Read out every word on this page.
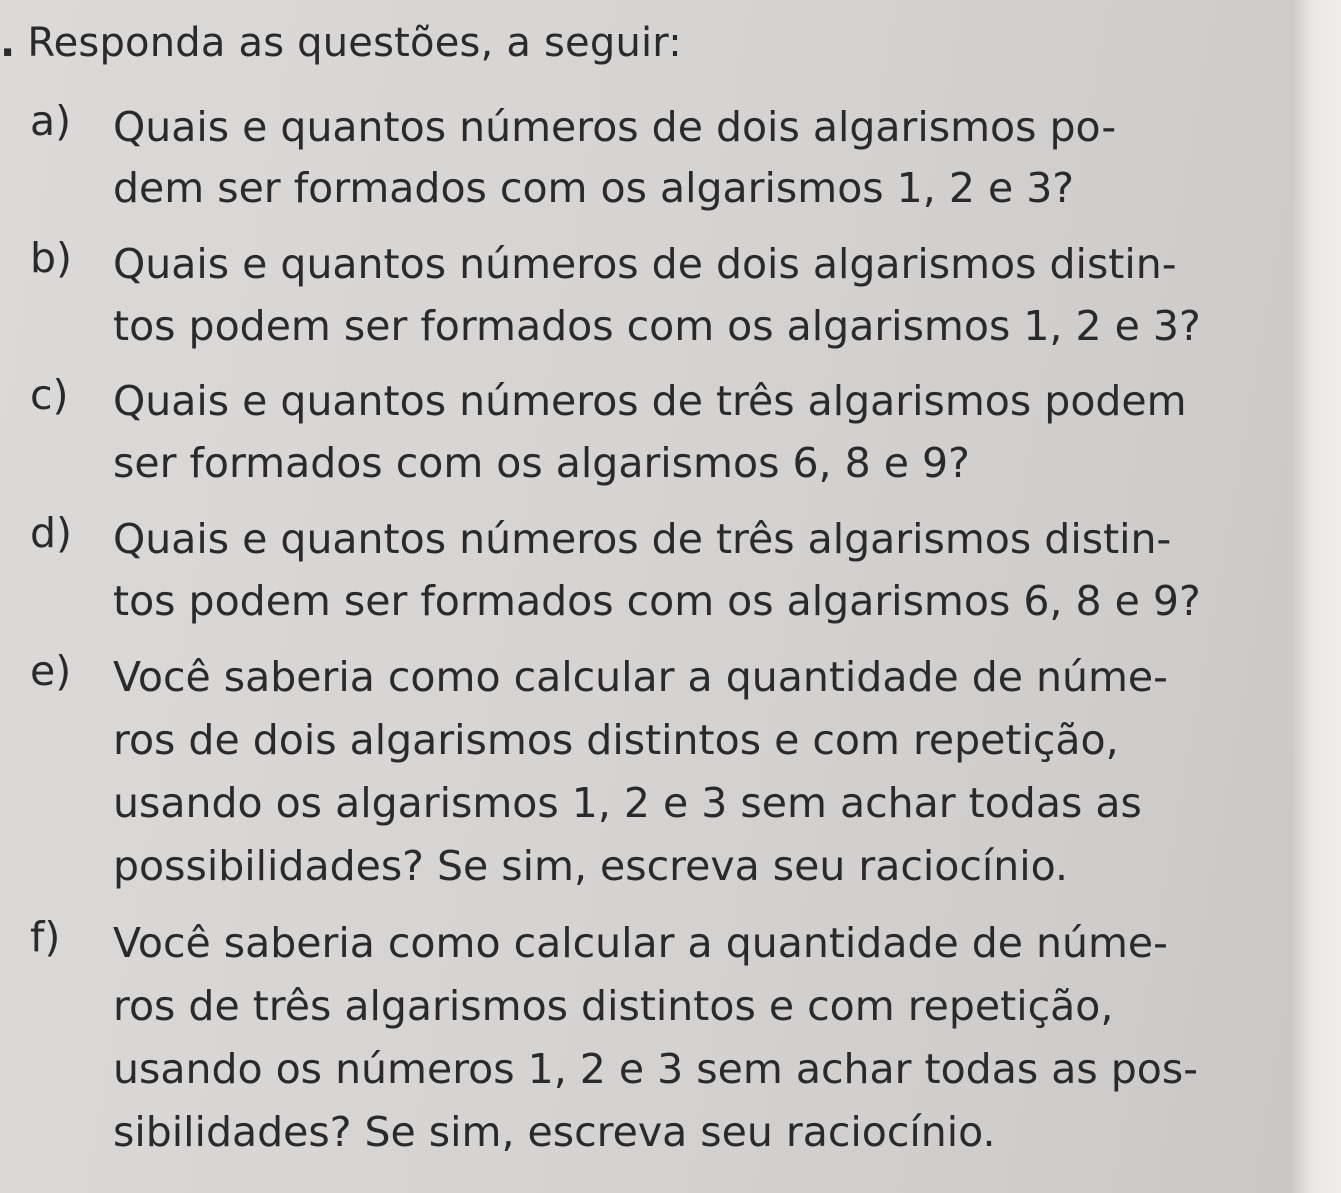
. Responda as questões, a seguir:
a) Quais e quantos números de dois algarismos po-
dem ser formados com os algarismos 1, 2 e 3?
b) Quais e quantos números de dois algarismos distin-
tos podem ser formados com os algarismos 1, 2 e 3?
c) Quais e quantos números de três algarismos podem
ser formados com os algarismos 6, 8 e 9?
d) Quais e quantos números de três algarismos distin-
tos podem ser formados com os algarismos 6, 8 e 9?
e) Você saberia como calcular a quantidade de núme-
ros de dois algarismos distintos e com repetição,
usando os algarismos 1, 2 e 3 sem achar todas as
possibilidades? Se sim, escreva seu raciocínio.
f) Você saberia como calcular a quantidade de núme-
ros de três algarismos distintos e com repetição,
usando os números 1, 2 e 3 sem achar todas as pos-
sibilidades? Se sim, escreva seu raciocínio.
